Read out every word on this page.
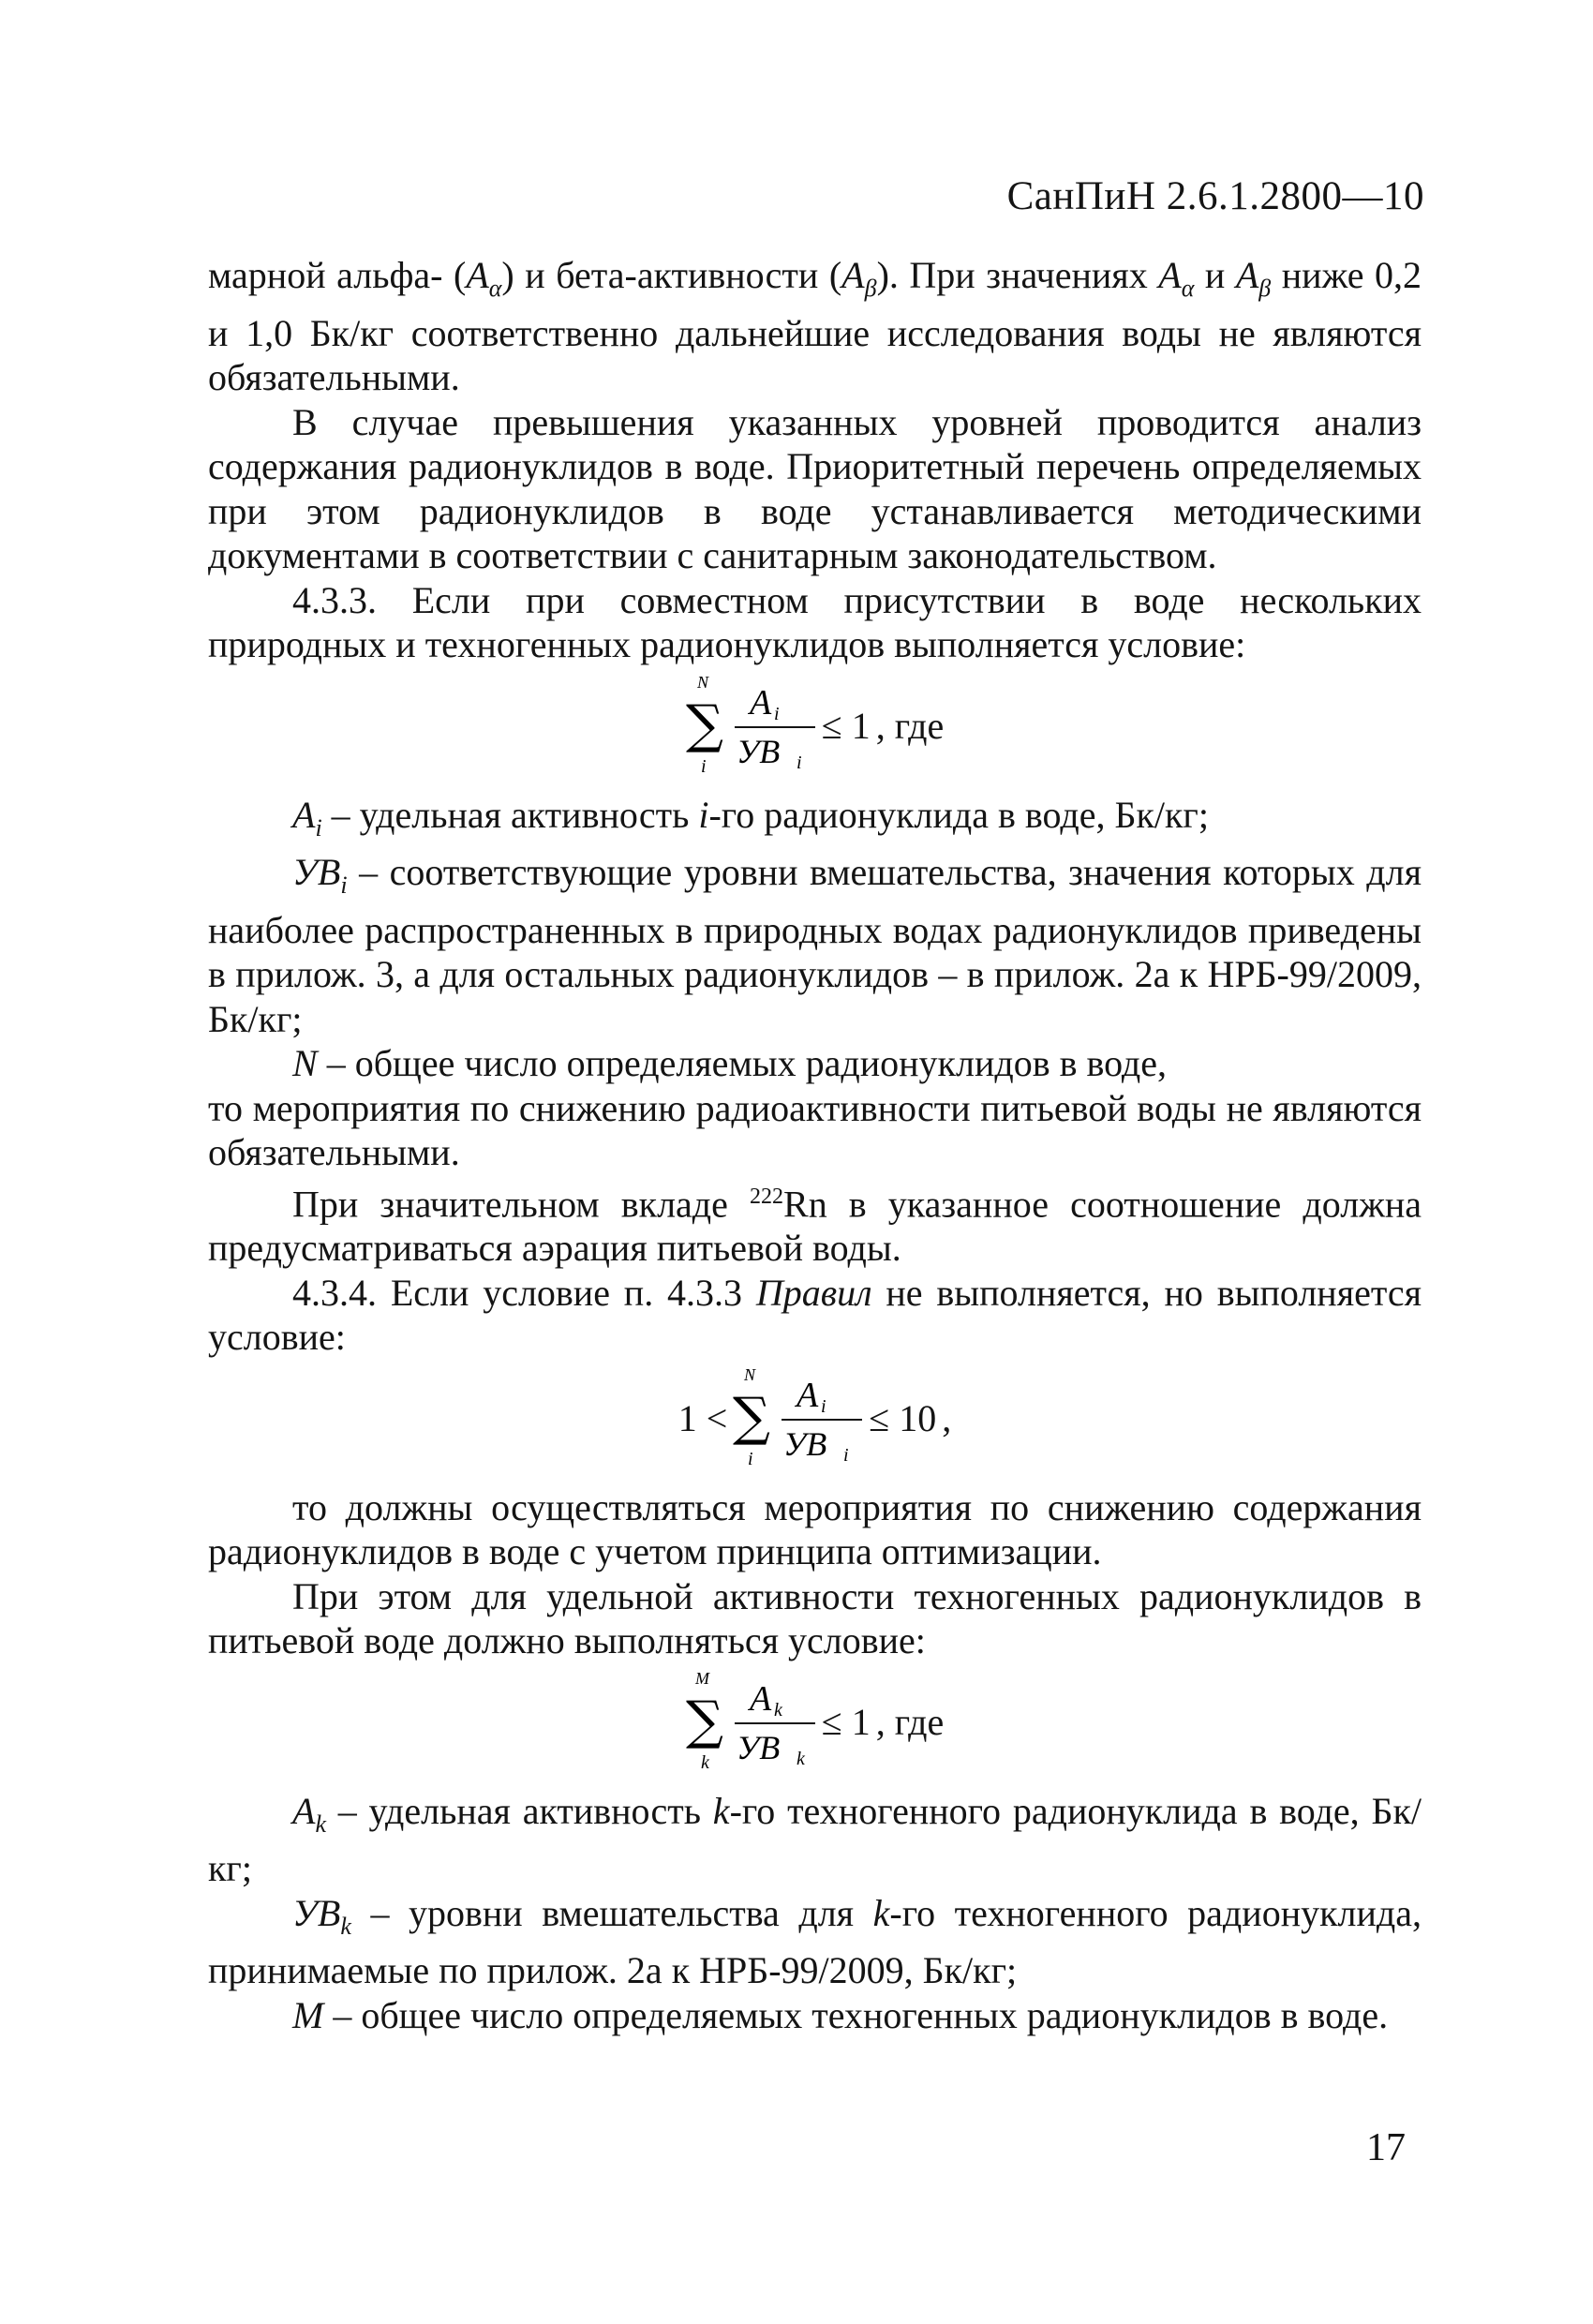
СанПиН 2.6.1.2800—10

марной альфа- $(A_\alpha)$ и бета-активности $(A_\beta)$. При значениях $A_\alpha$ и $A_\beta$ ниже 0,2 и 1,0 Бк/кг соответственно дальнейшие исследования воды не являются обязательными.

В случае превышения указанных уровней проводится анализ содержания радионуклидов в воде. Приоритетный перечень определяемых при этом радионуклидов в воде устанавливается методическими документами в соответствии с санитарным законодательством.

4.3.3. Если при совместном присутствии в воде нескольких природных и техногенных радионуклидов выполняется условие:

N
∑
i
A i
УВ i
≤ 1 , где

$A_i$ – удельная активность i-го радионуклида в воде, Бк/кг;

$УВ_i$ – соответствующие уровни вмешательства, значения которых для наиболее распространенных в природных водах радионуклидов приведены в прилож. 3, а для остальных радионуклидов – в прилож. 2а к НРБ-99/2009, Бк/кг;

N – общее число определяемых радионуклидов в воде,

то мероприятия по снижению радиоактивности питьевой воды не являются обязательными.

При значительном вкладе $^{222}$Rn в указанное соотношение должна предусматриваться аэрация питьевой воды.

4.3.4. Если условие п. 4.3.3 Правил не выполняется, но выполняется условие:

1 <
N
∑
i
A i
УВ i
≤ 10 ,

то должны осуществляться мероприятия по снижению содержания радионуклидов в воде с учетом принципа оптимизации.

При этом для удельной активности техногенных радионуклидов в питьевой воде должно выполняться условие:

M
∑
k
A k
УВ k
≤ 1 , где

$A_k$ – удельная активность k-го техногенного радионуклида в воде, Бк/кг;

$УВ_k$ – уровни вмешательства для k-го техногенного радионуклида, принимаемые по прилож. 2а к НРБ-99/2009, Бк/кг;

M – общее число определяемых техногенных радионуклидов в воде.

17
